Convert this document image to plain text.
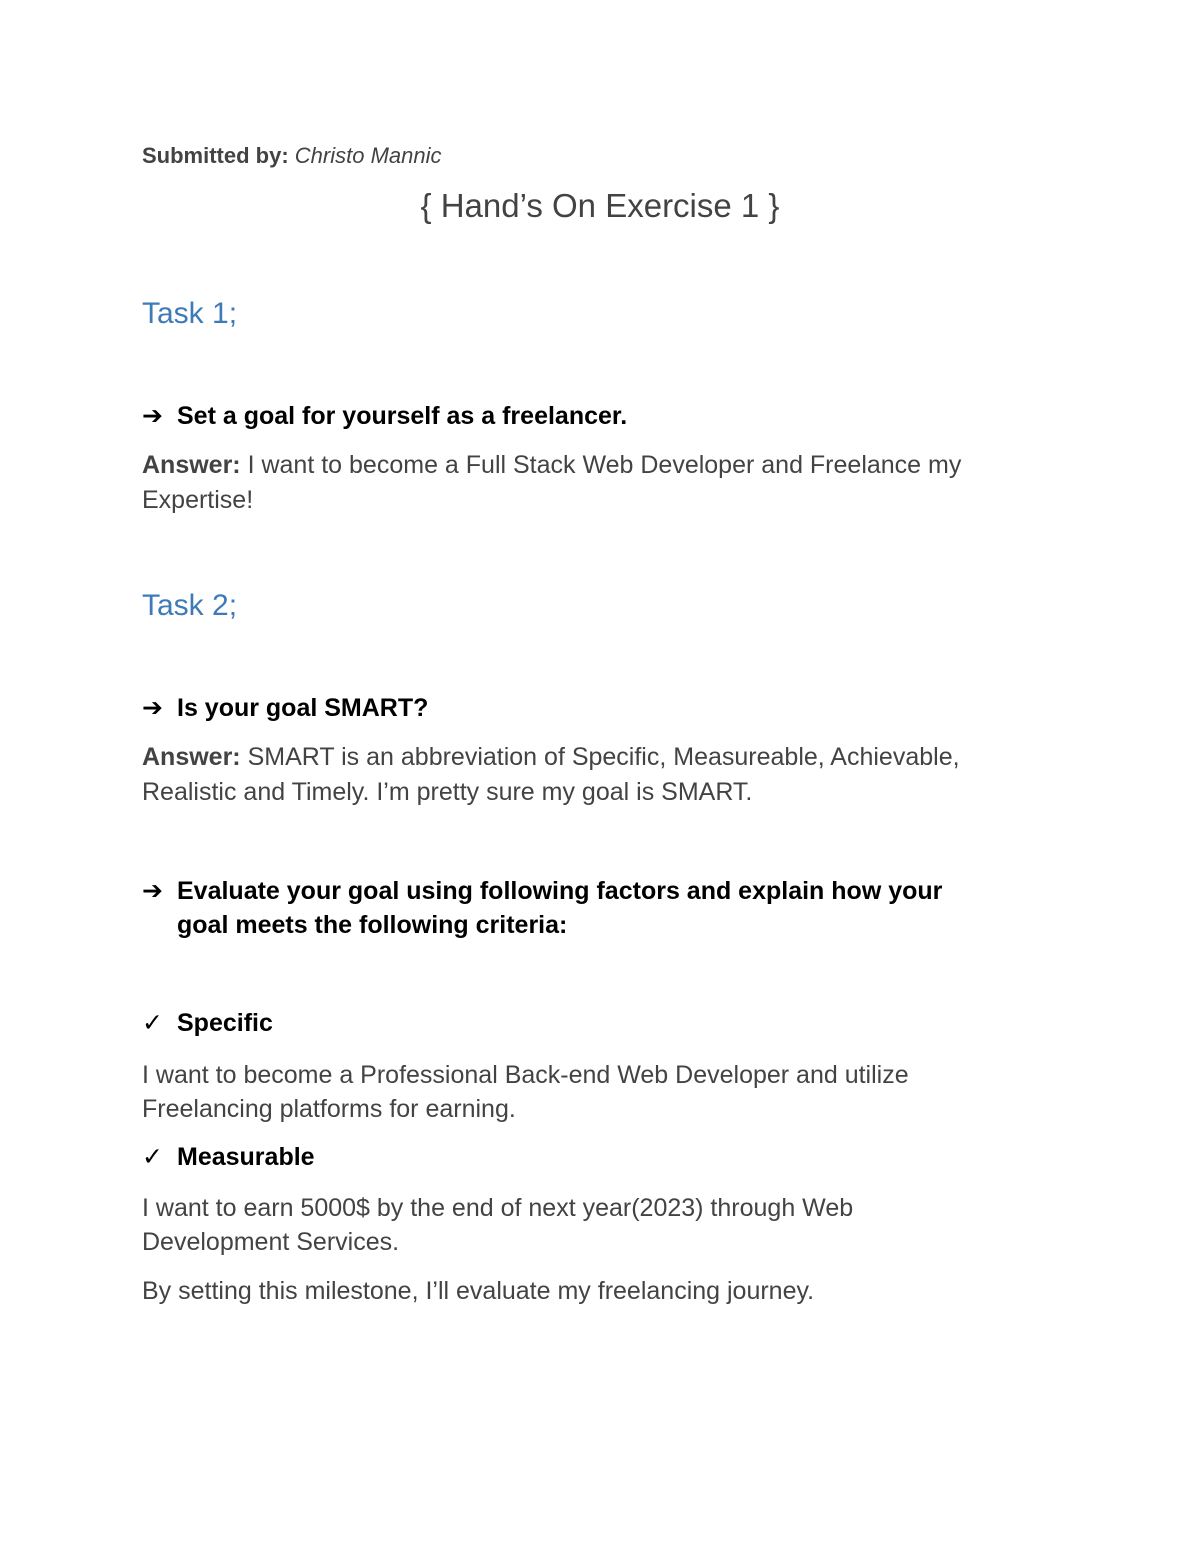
Submitted by: Christo Mannic

{ Hand’s On Exercise 1 }
Task 1;

➔ Set a goal for yourself as a freelancer.

Answer: I want to become a Full Stack Web Developer and Freelance my
Expertise!

Task 2;

➔ Is your goal SMART?

Answer: SMART is an abbreviation of Specific, Measureable, Achievable,
Realistic and Timely. I’m pretty sure my goal is SMART.

➔ Evaluate your goal using following factors and explain how your
goal meets the following criteria:

✓ Specific

I want to become a Professional Back-end Web Developer and utilize
Freelancing platforms for earning.

✓ Measurable

I want to earn 5000$ by the end of next year(2023) through Web
Development Services.

By setting this milestone, I’ll evaluate my freelancing journey.
